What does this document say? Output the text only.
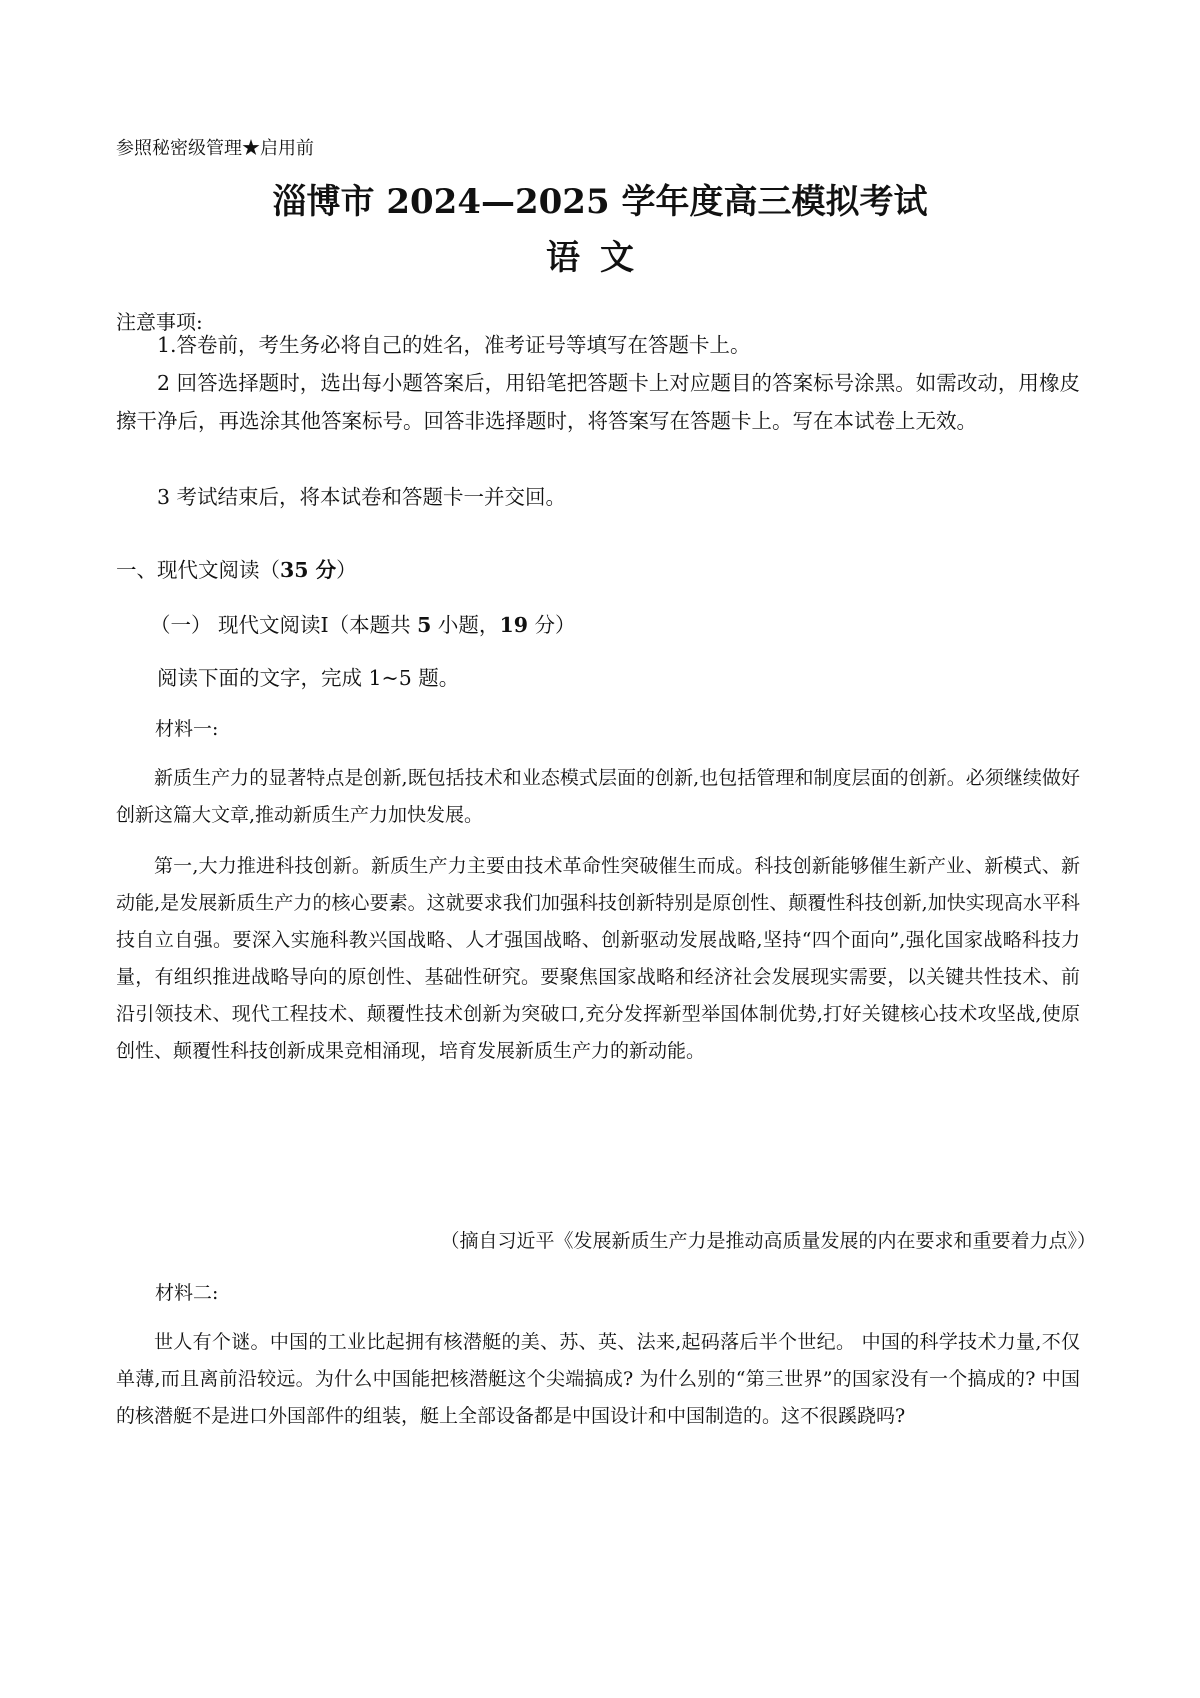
参照秘密级管理★启用前
淄博市 2024—2025 学年度高三模拟考试
语文
注意事项:
1.答卷前，考生务必将自己的姓名，准考证号等填写在答题卡上。
2 回答选择题时，选出每小题答案后，用铅笔把答题卡上对应题目的答案标号涂黑。如需改动，用橡皮擦干净后，再选涂其他答案标号。回答非选择题时，将答案写在答题卡上。写在本试卷上无效。
3 考试结束后，将本试卷和答题卡一并交回。
一、现代文阅读（35 分）
（一） 现代文阅读Ⅰ（本题共 5 小题，19 分）
阅读下面的文字，完成 1~5 题。
材料一:
新质生产力的显著特点是创新,既包括技术和业态模式层面的创新,也包括管理和制度层面的创新。必须继续做好创新这篇大文章,推动新质生产力加快发展。
第一,大力推进科技创新。新质生产力主要由技术革命性突破催生而成。科技创新能够催生新产业、新模式、新动能,是发展新质生产力的核心要素。这就要求我们加强科技创新特别是原创性、颠覆性科技创新,加快实现高水平科技自立自强。要深入实施科教兴国战略、人才强国战略、创新驱动发展战略,坚持“四个面向”,强化国家战略科技力量，有组织推进战略导向的原创性、基础性研究。要聚焦国家战略和经济社会发展现实需要，以关键共性技术、前沿引领技术、现代工程技术、颠覆性技术创新为突破口,充分发挥新型举国体制优势,打好关键核心技术攻坚战,使原创性、颠覆性科技创新成果竞相涌现，培育发展新质生产力的新动能。
（摘自习近平《发展新质生产力是推动高质量发展的内在要求和重要着力点》）
材料二:
世人有个谜。中国的工业比起拥有核潜艇的美、苏、英、法来,起码落后半个世纪。 中国的科学技术力量,不仅单薄,而且离前沿较远。为什么中国能把核潜艇这个尖端搞成? 为什么别的“第三世界”的国家没有一个搞成的? 中国的核潜艇不是进口外国部件的组装，艇上全部设备都是中国设计和中国制造的。这不很蹊跷吗?
